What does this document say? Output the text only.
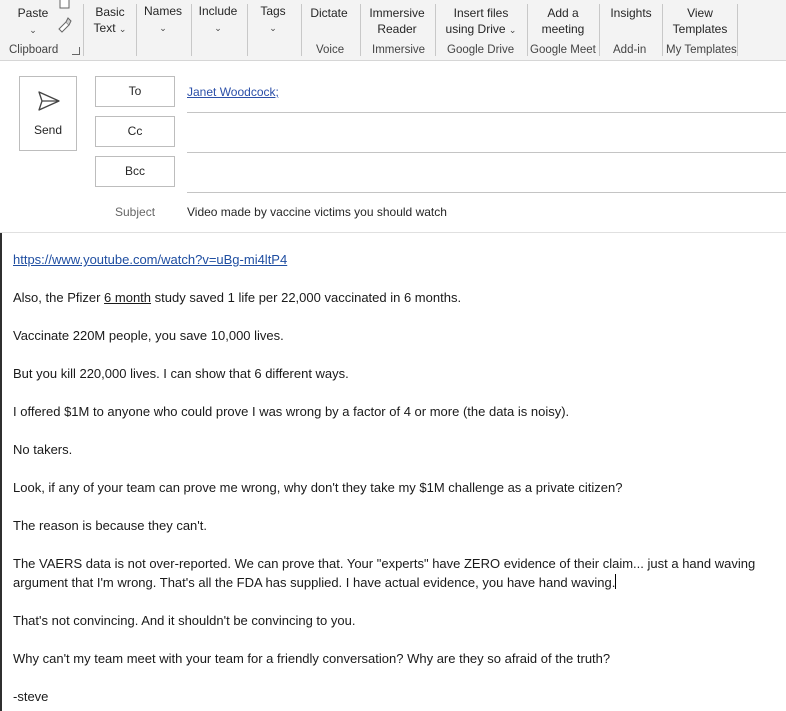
Paste
⌄
Clipboard
Basic
Text ⌄
Names
⌄
Include
⌄
Tags
⌄
Dictate
Voice
Immersive
Reader
Immersive
Insert files
using Drive ⌄
Google Drive
Add a
meeting
Google Meet
Insights
Add-in
View
Templates
My Templates
Send
To	Janet Woodcock;
Cc
Bcc
Subject	Video made by vaccine victims you should watch

https://www.youtube.com/watch?v=uBg-mi4ltP4

Also, the Pfizer 6 month study saved 1 life per 22,000 vaccinated in 6 months.

Vaccinate 220M people, you save 10,000 lives.

But you kill 220,000 lives. I can show that 6 different ways.

I offered $1M to anyone who could prove I was wrong by a factor of 4 or more (the data is noisy).

No takers.

Look, if any of your team can prove me wrong, why don't they take my $1M challenge as a private citizen?

The reason is because they can't.

The VAERS data is not over-reported. We can prove that. Your "experts" have ZERO evidence of their claim... just a hand waving argument that I'm wrong. That's all the FDA has supplied. I have actual evidence, you have hand waving.

That's not convincing. And it shouldn't be convincing to you.

Why can't my team meet with your team for a friendly conversation? Why are they so afraid of the truth?

-steve
